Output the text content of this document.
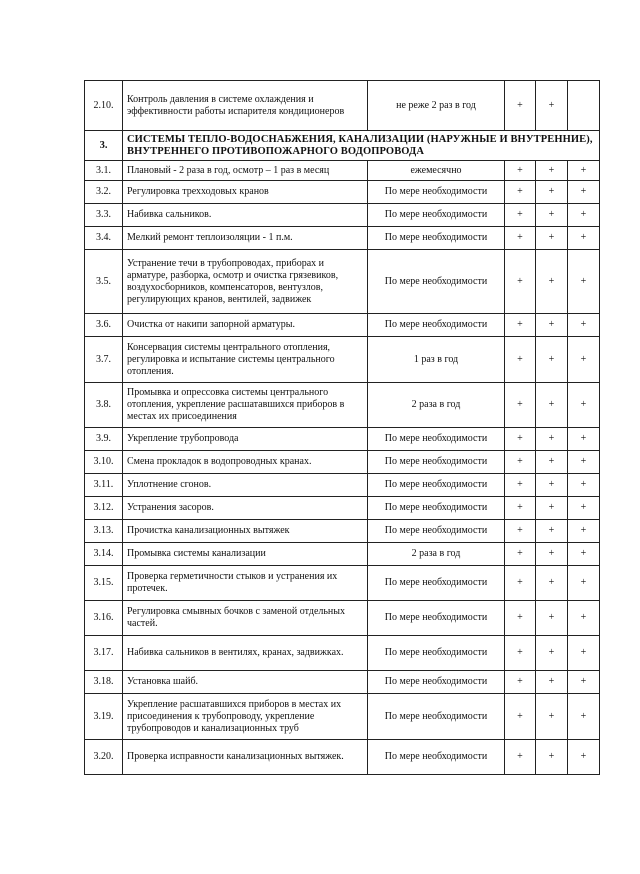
2.10.	Контроль давления в системе охлаждения и эффективности работы испарителя кондиционеров	не реже 2 раз в год	+	+	
3.	СИСТЕМЫ ТЕПЛО-ВОДОСНАБЖЕНИЯ, КАНАЛИЗАЦИИ (НАРУЖНЫЕ И ВНУТРЕННИЕ), ВНУТРЕННЕГО ПРОТИВОПОЖАРНОГО ВОДОПРОВОДА				
3.1.	Плановый - 2 раза в год, осмотр – 1 раз в месяц	ежемесячно	+	+	+
3.2.	Регулировка трехходовых кранов	По мере необходимости	+	+	+
3.3.	Набивка сальников.	По мере необходимости	+	+	+
3.4.	Мелкий ремонт теплоизоляции - 1 п.м.	По мере необходимости	+	+	+
3.5.	Устранение течи в трубопроводах, приборах и арматуре, разборка, осмотр и очистка грязевиков, воздухосборников, компенсаторов, вентузлов, регулирующих кранов, вентилей, задвижек	По мере необходимости	+	+	+
3.6.	Очистка от накипи запорной арматуры.	По мере необходимости	+	+	+
3.7.	Консервация системы центрального отопления, регулировка и испытание системы центрального отопления.	1 раз в год	+	+	+
3.8.	Промывка и опрессовка системы центрального отопления, укрепление расшатавшихся приборов в местах их присоединения	2 раза в год	+	+	+
3.9.	Укрепление трубопровода	По мере необходимости	+	+	+
3.10.	Смена прокладок в водопроводных кранах.	По мере необходимости	+	+	+
3.11.	Уплотнение сгонов.	По мере необходимости	+	+	+
3.12.	Устранения засоров.	По мере необходимости	+	+	+
3.13.	Прочистка канализационных вытяжек	По мере необходимости	+	+	+
3.14.	Промывка системы канализации	2 раза в год	+	+	+
3.15.	Проверка герметичности стыков и устранения их протечек.	По мере необходимости	+	+	+
3.16.	Регулировка смывных бочков с заменой отдельных частей.	По мере необходимости	+	+	+
3.17.	Набивка сальников в вентилях, кранах, задвижках.	По мере необходимости	+	+	+
3.18.	Установка шайб.	По мере необходимости	+	+	+
3.19.	Укрепление расшатавшихся приборов в местах их присоединения к трубопроводу, укрепление трубопроводов и канализационных труб	По мере необходимости	+	+	+
3.20.	Проверка исправности канализационных вытяжек.	По мере необходимости	+	+	+
